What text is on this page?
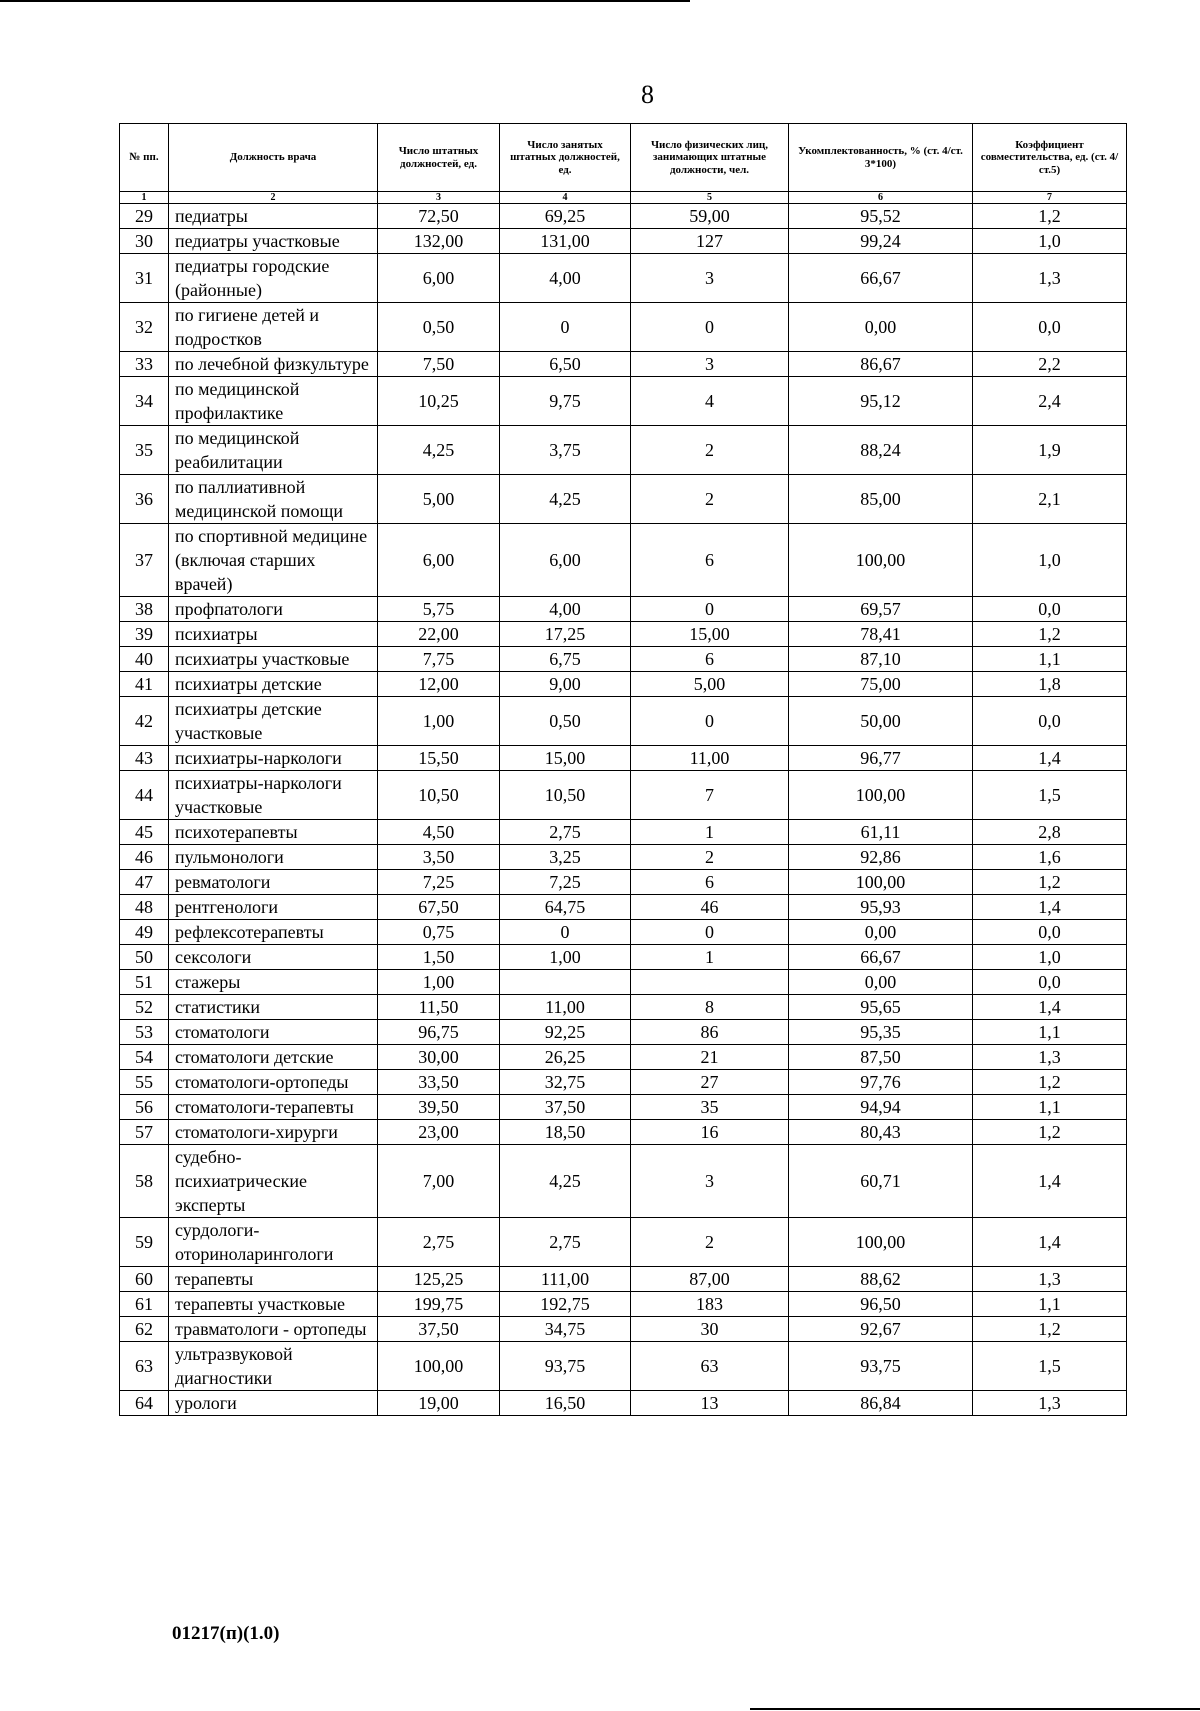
8
№ пп.	Должность врача	Число штатных должностей, ед.	Число занятых штатных должностей, ед.	Число физических лиц, занимающих штатные должности, чел.	Укомплектованность, % (ст. 4/ст. 3*100)	Коэффициент совместительства, ед. (ст. 4/ст.5)
1	2	3	4	5	6	7
29	педиатры	72,50	69,25	59,00	95,52	1,2
30	педиатры участковые	132,00	131,00	127	99,24	1,0
31	педиатры городские (районные)	6,00	4,00	3	66,67	1,3
32	по гигиене детей и подростков	0,50	0	0	0,00	0,0
33	по лечебной физкультуре	7,50	6,50	3	86,67	2,2
34	по медицинской профилактике	10,25	9,75	4	95,12	2,4
35	по медицинской реабилитации	4,25	3,75	2	88,24	1,9
36	по паллиативной медицинской помощи	5,00	4,25	2	85,00	2,1
37	по спортивной медицине (включая старших врачей)	6,00	6,00	6	100,00	1,0
38	профпатологи	5,75	4,00	0	69,57	0,0
39	психиатры	22,00	17,25	15,00	78,41	1,2
40	психиатры участковые	7,75	6,75	6	87,10	1,1
41	психиатры детские	12,00	9,00	5,00	75,00	1,8
42	психиатры детские участковые	1,00	0,50	0	50,00	0,0
43	психиатры-наркологи	15,50	15,00	11,00	96,77	1,4
44	психиатры-наркологи участковые	10,50	10,50	7	100,00	1,5
45	психотерапевты	4,50	2,75	1	61,11	2,8
46	пульмонологи	3,50	3,25	2	92,86	1,6
47	ревматологи	7,25	7,25	6	100,00	1,2
48	рентгенологи	67,50	64,75	46	95,93	1,4
49	рефлексотерапевты	0,75	0	0	0,00	0,0
50	сексологи	1,50	1,00	1	66,67	1,0
51	стажеры	1,00			0,00	0,0
52	статистики	11,50	11,00	8	95,65	1,4
53	стоматологи	96,75	92,25	86	95,35	1,1
54	стоматологи детские	30,00	26,25	21	87,50	1,3
55	стоматологи-ортопеды	33,50	32,75	27	97,76	1,2
56	стоматологи-терапевты	39,50	37,50	35	94,94	1,1
57	стоматологи-хирурги	23,00	18,50	16	80,43	1,2
58	судебно-психиатрические эксперты	7,00	4,25	3	60,71	1,4
59	сурдологи-оториноларингологи	2,75	2,75	2	100,00	1,4
60	терапевты	125,25	111,00	87,00	88,62	1,3
61	терапевты участковые	199,75	192,75	183	96,50	1,1
62	травматологи - ортопеды	37,50	34,75	30	92,67	1,2
63	ультразвуковой диагностики	100,00	93,75	63	93,75	1,5
64	урологи	19,00	16,50	13	86,84	1,3
01217(п)(1.0)
